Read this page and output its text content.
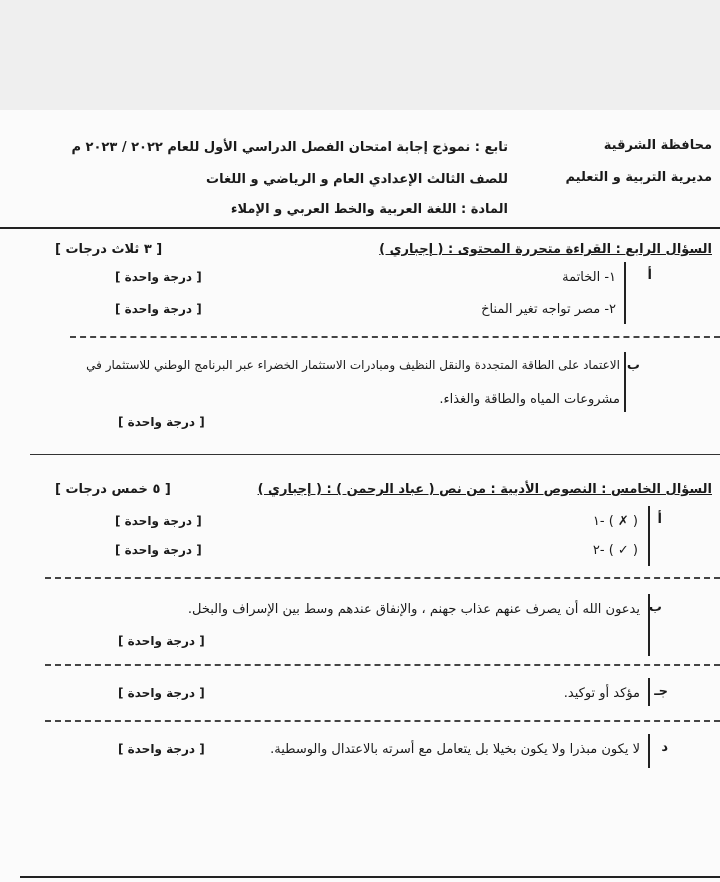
محافظة الشرقية
مديرية التربية و التعليم
تابع : نموذج إجابة امتحان الفصل الدراسي الأول للعام ٢٠٢٢ / ٢٠٢٣ م
للصف الثالث الإعدادي العام و الرياضي و اللغات
المادة : اللغة العربية والخط العربي و الإملاء
السؤال الرابع : القراءة متحررة المحتوى : ( إجباري )
[ ٣ ثلاث درجات ]
أ
١- الخاتمة
[ درجة واحدة ]
٢- مصر تواجه تغير المناخ
[ درجة واحدة ]
ب
الاعتماد على الطاقة المتجددة والنقل النظيف ومبادرات الاستثمار الخضراء عبر البرنامج الوطني للاستثمار في
مشروعات المياه والطاقة والغذاء.
[ درجة واحدة ]
السؤال الخامس : النصوص الأدبية : من نص ( عباد الرحمن ) : ( إجباري )
[ ٥ خمس درجات ]
أ
١- ( ✗ )
[ درجة واحدة ]
٢- ( ✓ )
[ درجة واحدة ]
ب
يدعون الله أن يصرف عنهم عذاب جهنم ، والإنفاق عندهم وسط بين الإسراف والبخل.
[ درجة واحدة ]
جـ
مؤكد أو توكيد.
[ درجة واحدة ]
د
لا يكون مبذرا ولا يكون بخيلا بل يتعامل مع أسرته بالاعتدال والوسطية.
[ درجة واحدة ]
